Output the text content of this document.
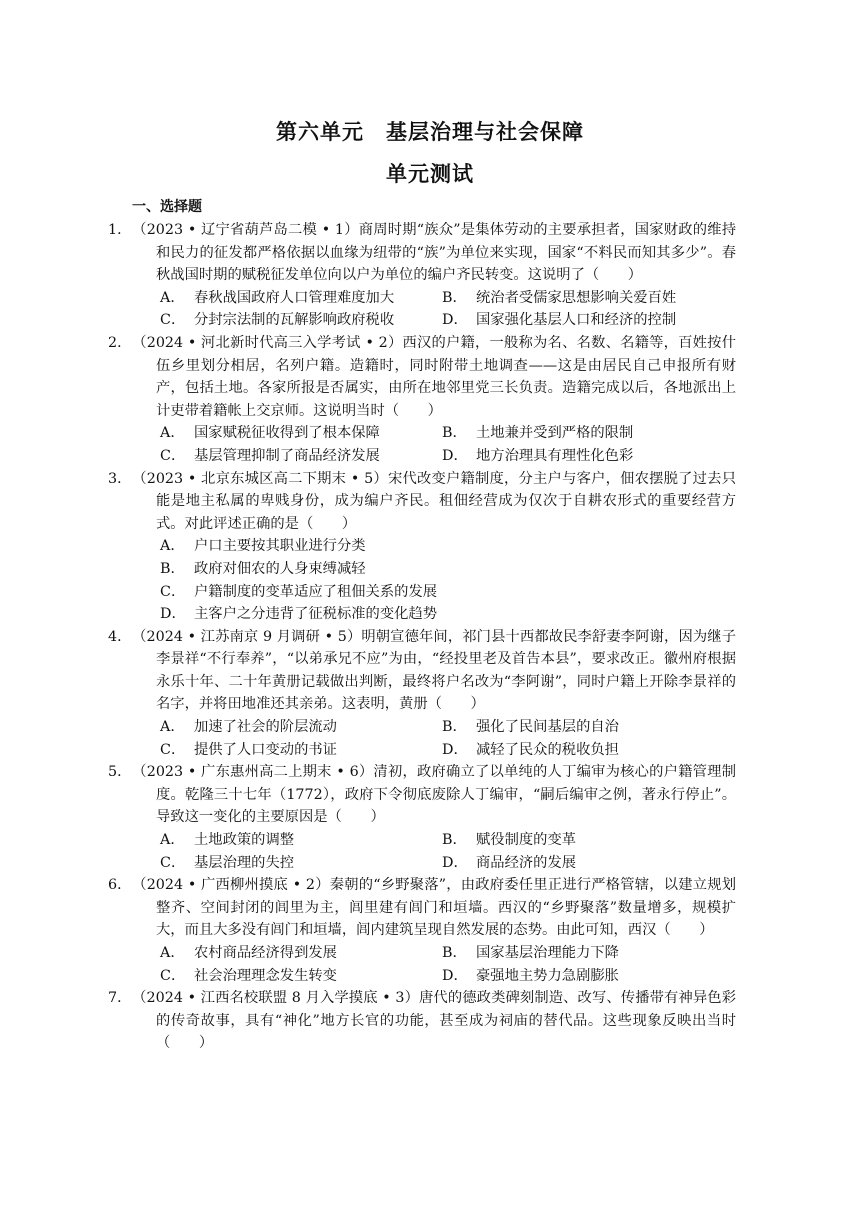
第六单元　基层治理与社会保障
单元测试
一、选择题
1．（2023 • 辽宁省葫芦岛二模 • 1）商周时期“族众”是集体劳动的主要承担者，国家财政的维持和民力的征发都严格依据以血缘为纽带的“族”为单位来实现，国家“不料民而知其多少”。春秋战国时期的赋税征发单位向以户为单位的编户齐民转变。这说明了（　　）
A． 春秋战国政府人口管理难度加大	B． 统治者受儒家思想影响关爱百姓
C． 分封宗法制的瓦解影响政府税收	D． 国家强化基层人口和经济的控制
2．（2024 • 河北新时代高三入学考试 • 2）西汉的户籍，一般称为名、名数、名籍等，百姓按什伍乡里划分相居，名列户籍。造籍时，同时附带土地调查——这是由居民自己申报所有财产，包括土地。各家所报是否属实，由所在地邻里党三长负责。造籍完成以后，各地派出上计吏带着籍帐上交京师。这说明当时（　　）
A． 国家赋税征收得到了根本保障	B． 土地兼并受到严格的限制
C． 基层管理抑制了商品经济发展	D． 地方治理具有理性化色彩
3．（2023 • 北京东城区高二下期末 • 5）宋代改变户籍制度，分主户与客户，佃农摆脱了过去只能是地主私属的卑贱身份，成为编户齐民。租佃经营成为仅次于自耕农形式的重要经营方式。对此评述正确的是（　　）
A． 户口主要按其职业进行分类
B． 政府对佃农的人身束缚减轻
C． 户籍制度的变革适应了租佃关系的发展
D． 主客户之分违背了征税标准的变化趋势
4．（2024 • 江苏南京 9 月调研 • 5）明朝宣德年间，祁门县十西都故民李舒妻李阿谢，因为继子李景祥“不行奉养”，“以弟承兄不应”为由，“经投里老及首告本县”，要求改正。徽州府根据永乐十年、二十年黄册记载做出判断，最终将户名改为“李阿谢”，同时户籍上开除李景祥的名字，并将田地准还其亲弟。这表明，黄册（　　）
A． 加速了社会的阶层流动	B． 强化了民间基层的自治
C． 提供了人口变动的书证	D． 减轻了民众的税收负担
5．（2023 • 广东惠州高二上期末 • 6）清初，政府确立了以单纯的人丁编审为核心的户籍管理制度。乾隆三十七年（1772），政府下令彻底废除人丁编审，“嗣后编审之例，著永行停止”。导致这一变化的主要原因是（　　）
A． 土地政策的调整	B． 赋役制度的变革
C． 基层治理的失控	D． 商品经济的发展
6．（2024 • 广西柳州摸底 • 2）秦朝的“乡野聚落”，由政府委任里正进行严格管辖，以建立规划整齐、空间封闭的闾里为主，闾里建有闾门和垣墙。西汉的“乡野聚落”数量增多，规模扩大，而且大多没有闾门和垣墙，闾内建筑呈现自然发展的态势。由此可知，西汉（　　）
A． 农村商品经济得到发展	B． 国家基层治理能力下降
C． 社会治理理念发生转变	D． 豪强地主势力急剧膨胀
7．（2024 • 江西名校联盟 8 月入学摸底 • 3）唐代的德政类碑刻制造、改写、传播带有神异色彩的传奇故事，具有“神化”地方长官的功能，甚至成为祠庙的替代品。这些现象反映出当时（　　）
